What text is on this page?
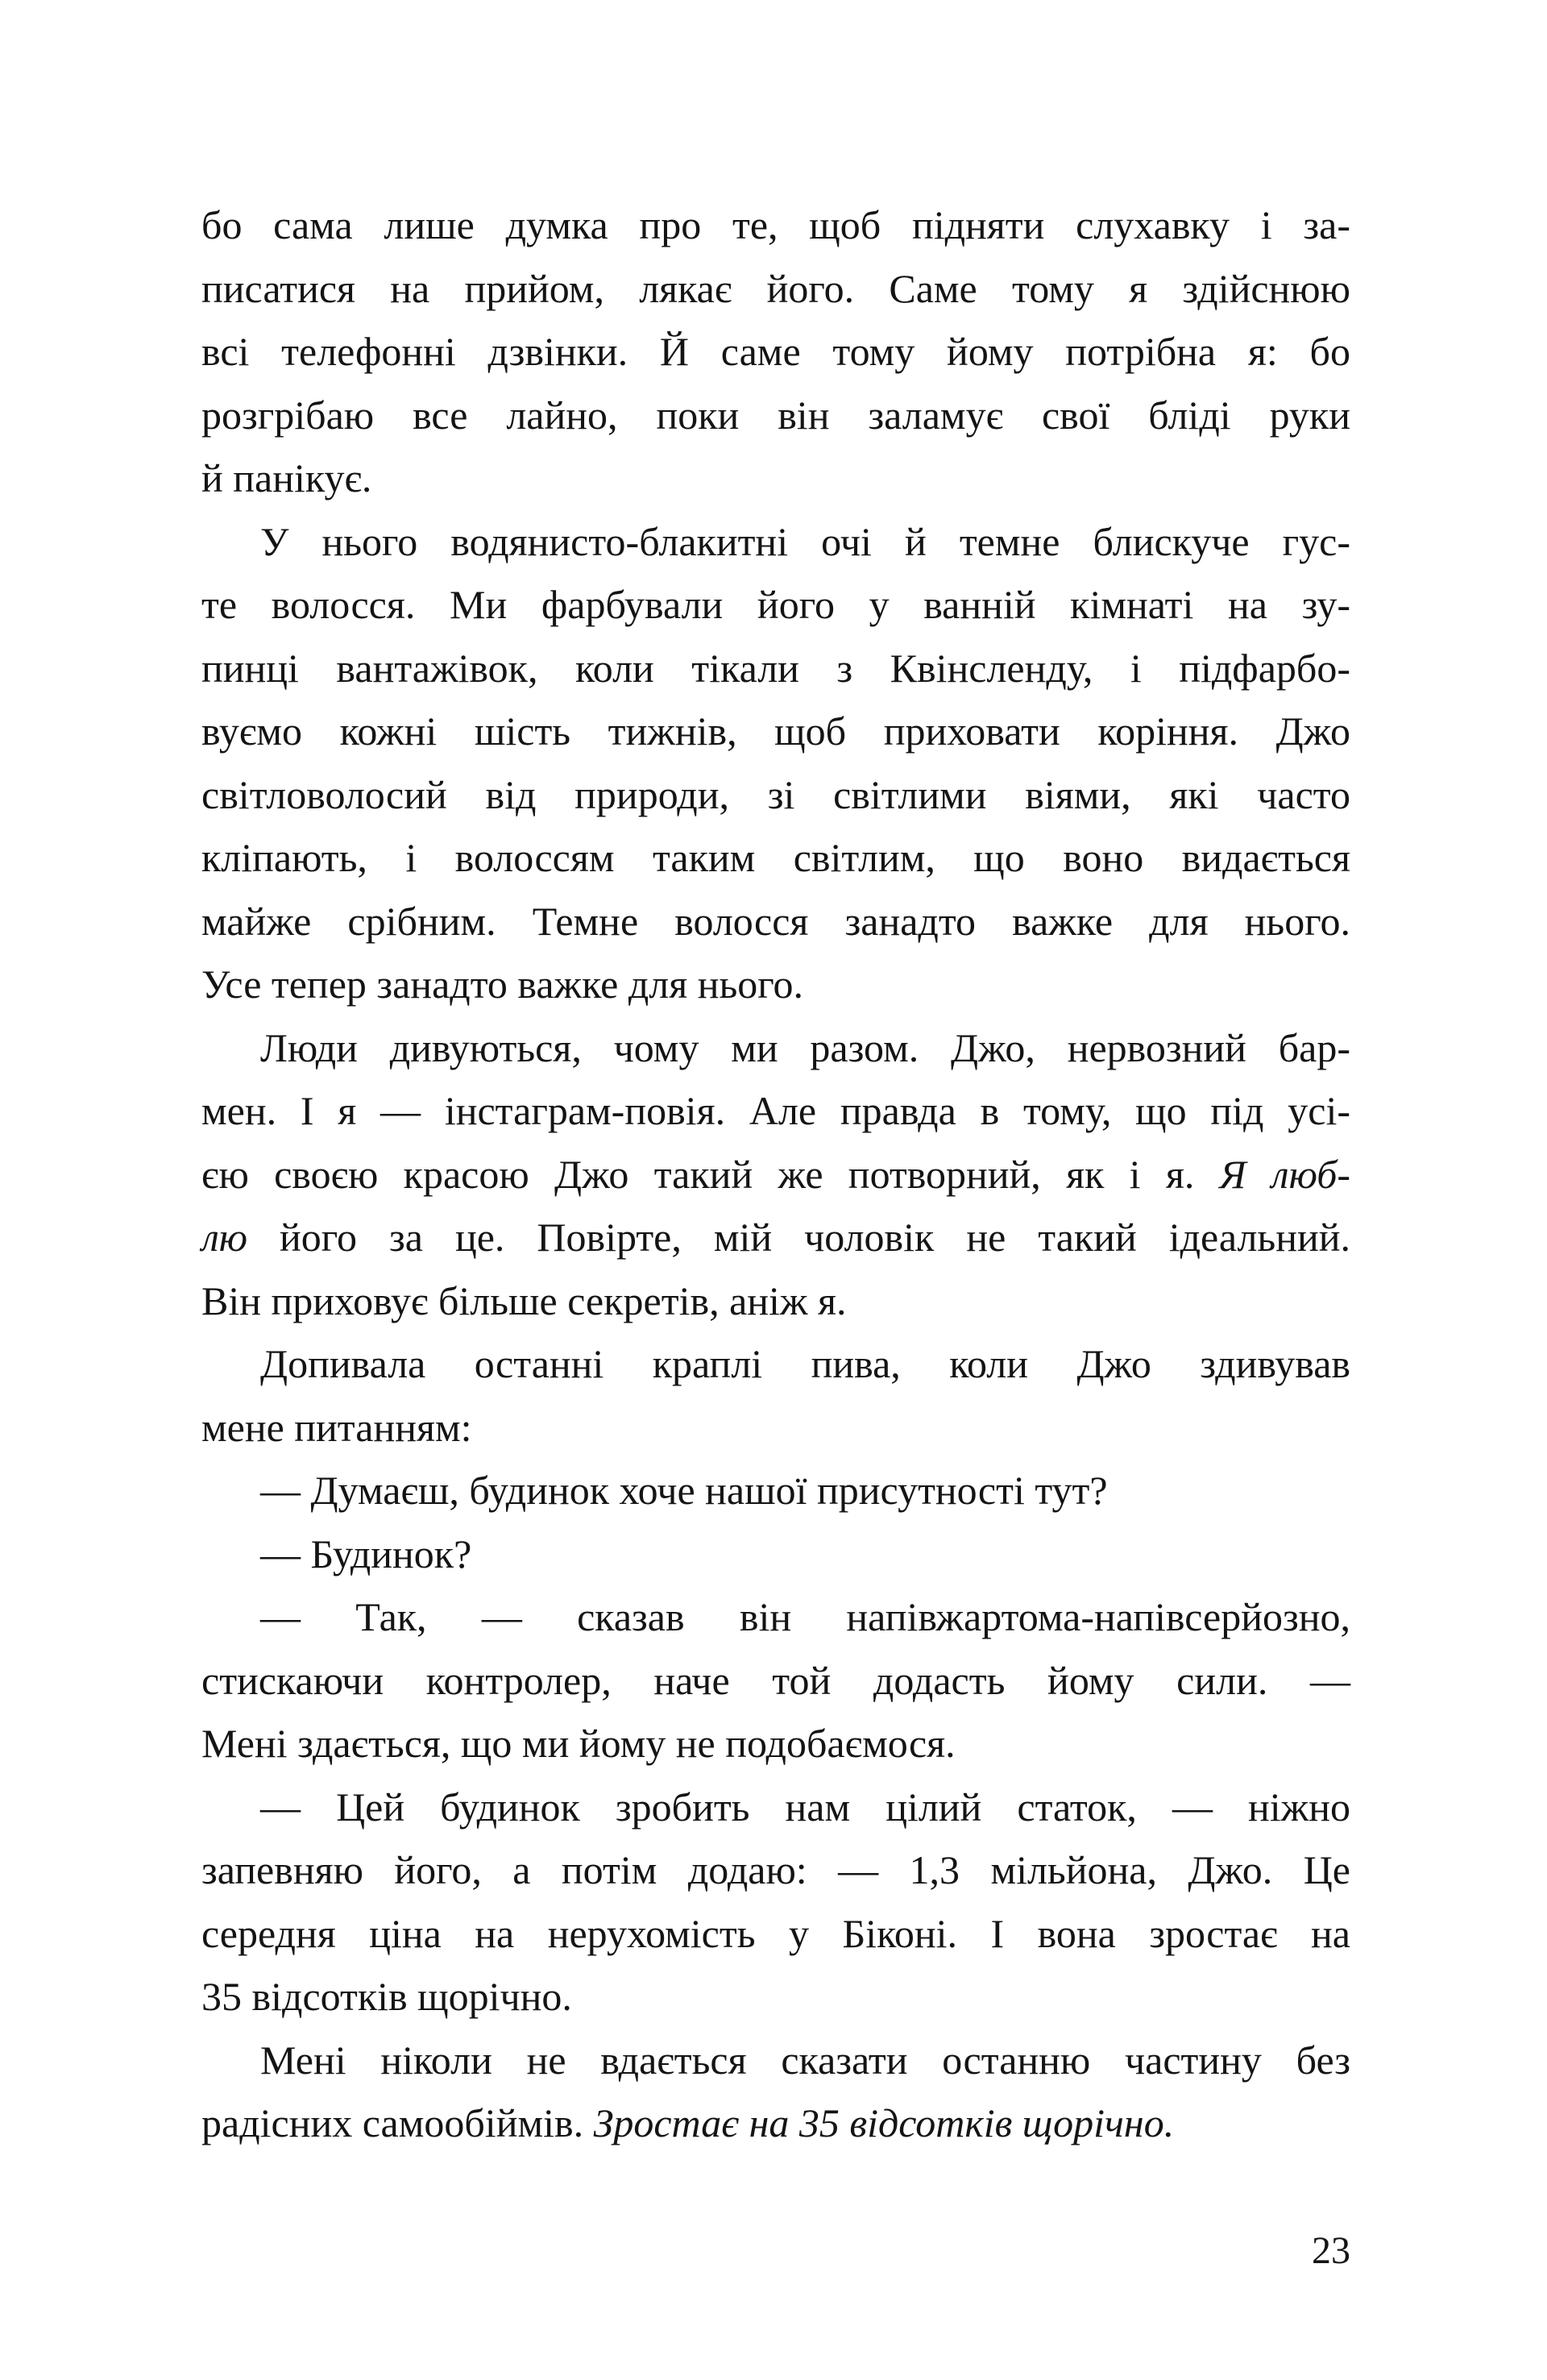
бо сама лише думка про те, щоб підняти слухавку і за-
писатися на прийом, лякає його. Саме тому я здійснюю
всі телефонні дзвінки. Й саме тому йому потрібна я: бо
розгрібаю все лайно, поки він заламує свої бліді руки
й панікує.
У нього водянисто-блакитні очі й темне блискуче гус-
те волосся. Ми фарбували його у ванній кімнаті на зу-
пинці вантажівок, коли тікали з Квінсленду, і підфарбо-
вуємо кожні шість тижнів, щоб приховати коріння. Джо
світловолосий від природи, зі світлими віями, які часто
кліпають, і волоссям таким світлим, що воно видається
майже срібним. Темне волосся занадто важке для нього.
Усе тепер занадто важке для нього.
Люди дивуються, чому ми разом. Джо, нервозний бар-
мен. І я — інстаграм-повія. Але правда в тому, що під усі-
єю своєю красою Джо такий же потворний, як і я. Я люб-
лю його за це. Повірте, мій чоловік не такий ідеальний.
Він приховує більше секретів, аніж я.
Допивала останні краплі пива, коли Джо здивував
мене питанням:
— Думаєш, будинок хоче нашої присутності тут?
— Будинок?
— Так, — сказав він напівжартома-напівсерйозно,
стискаючи контролер, наче той додасть йому сили. —
Мені здається, що ми йому не подобаємося.
— Цей будинок зробить нам цілий статок, — ніжно
запевняю його, а потім додаю: — 1,3 мільйона, Джо. Це
середня ціна на нерухомість у Біконі. І вона зростає на
35 відсотків щорічно.
Мені ніколи не вдається сказати останню частину без
радісних самообіймів. Зростає на 35 відсотків щорічно.
23
